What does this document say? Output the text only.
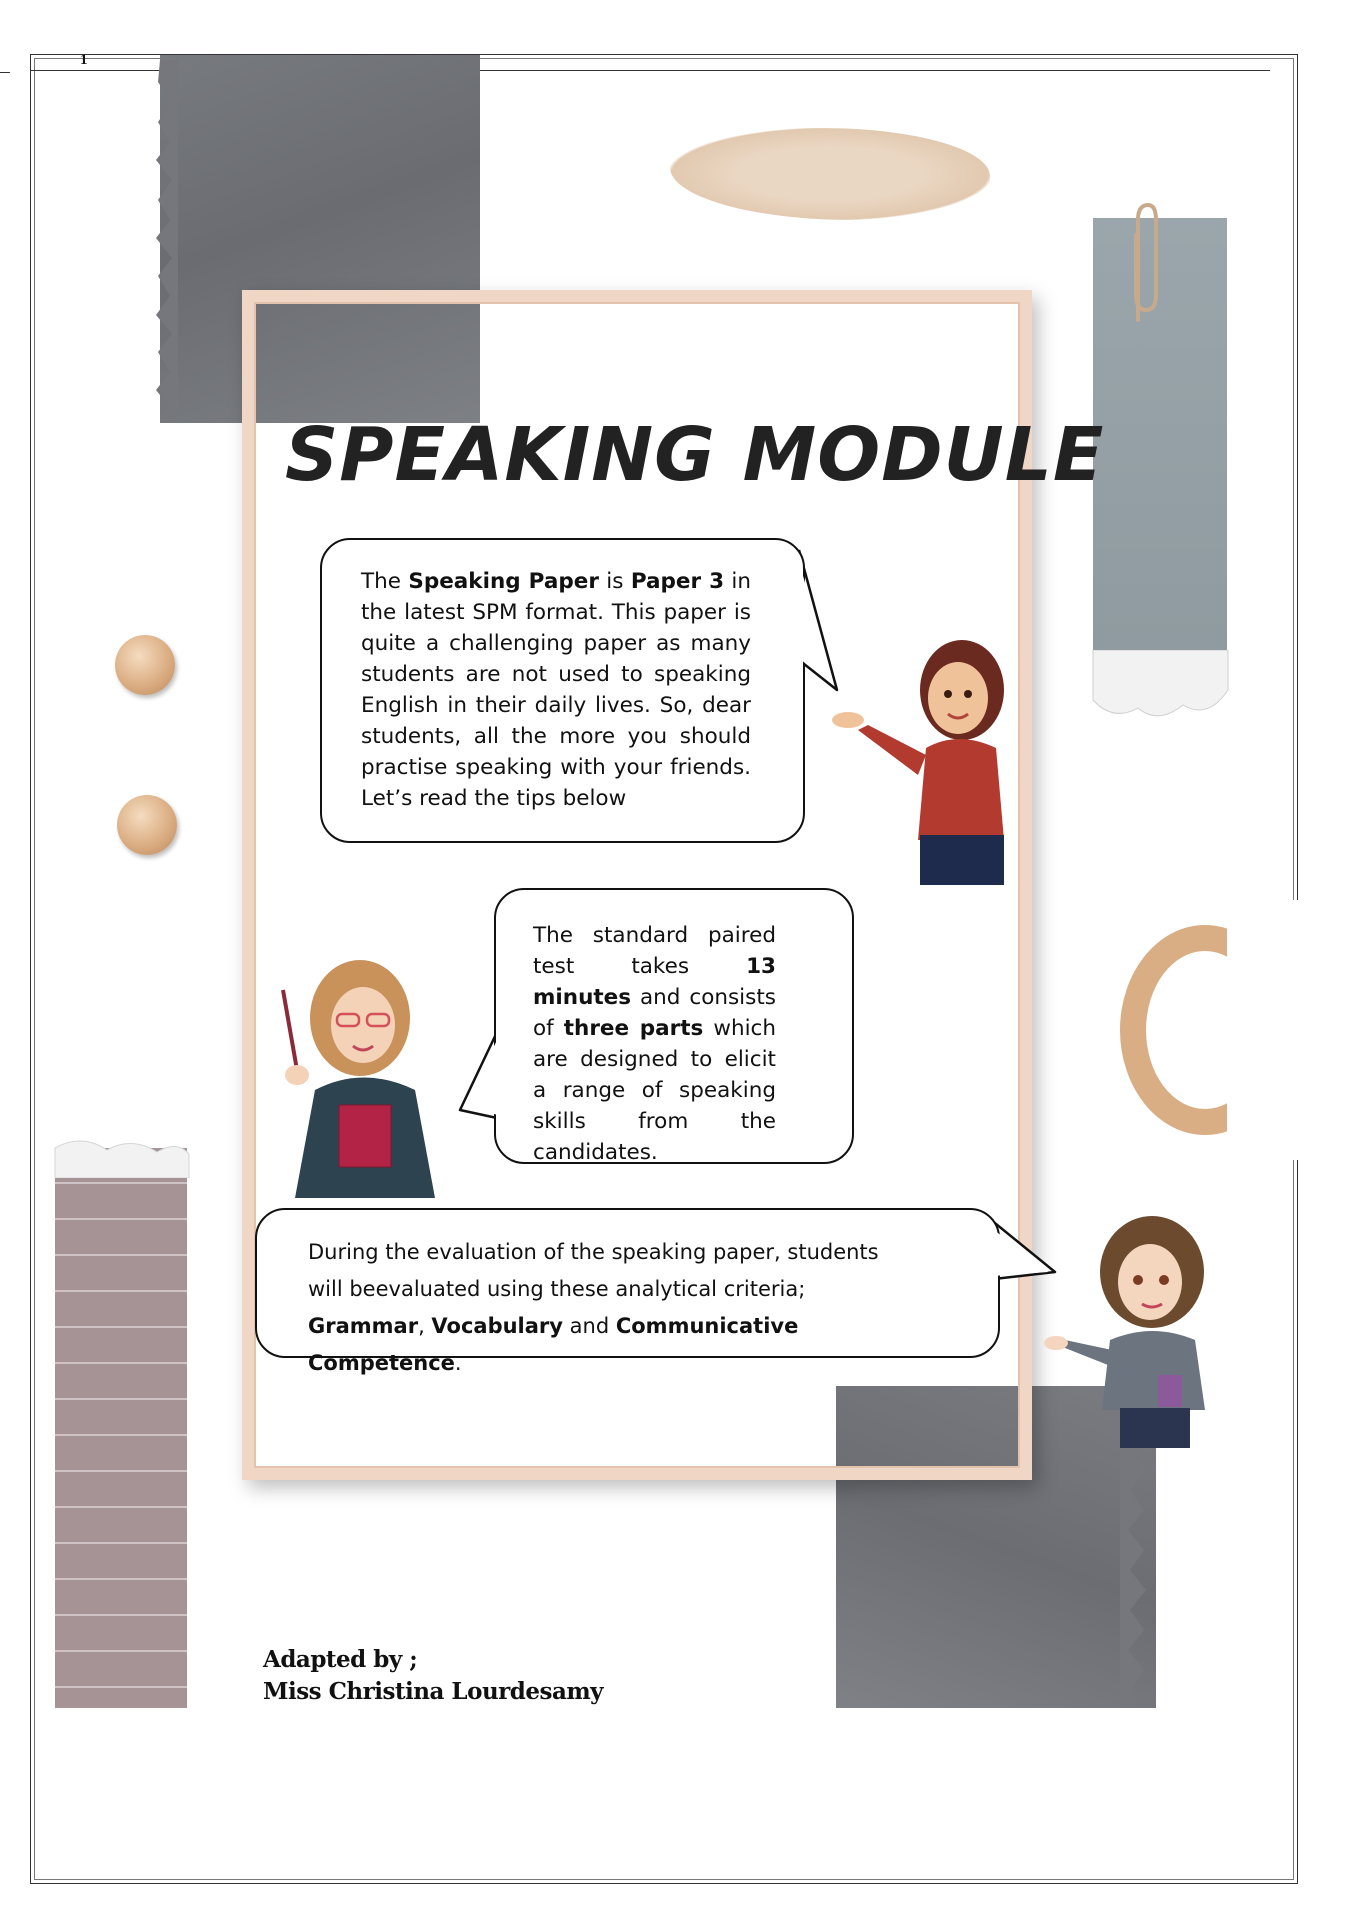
1
SPEAKING MODULE
The Speaking Paper is Paper 3 in the latest SPM format. This paper is quite a challenging paper as many students are not used to speaking English in their daily lives. So, dear students, all the more you should practise speaking with your friends. Let’s read the tips below
The standard paired test takes 13 minutes and consists of three parts which are designed to elicit a range of speaking skills from the candidates.
During the evaluation of the speaking paper, students
will beevaluated using these analytical criteria;
Grammar, Vocabulary and Communicative Competence.
Adapted by ;
Miss Christina Lourdesamy
